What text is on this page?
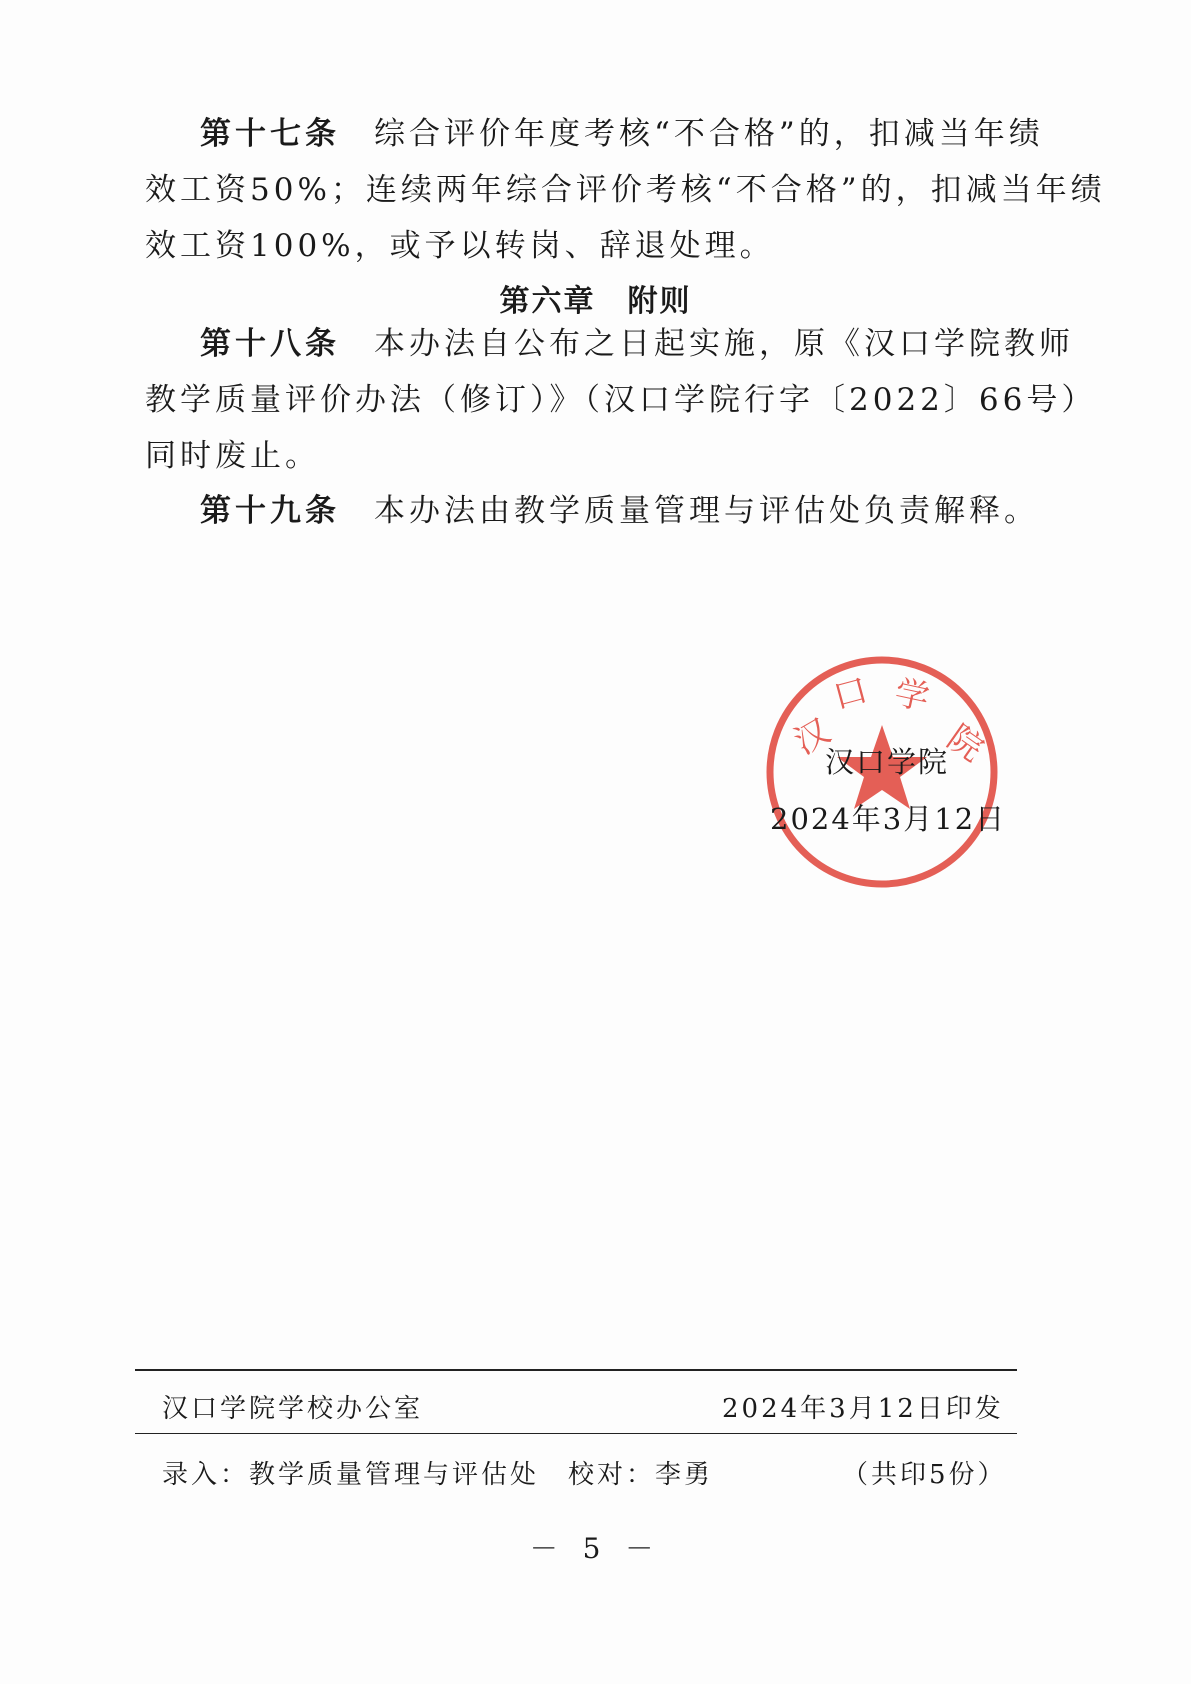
第十七条 综合评价年度考核“不合格”的，扣减当年绩
效工资50%；连续两年综合评价考核“不合格”的，扣减当年绩
效工资100%，或予以转岗、辞退处理。
第六章　附则
第十八条 本办法自公布之日起实施，原《汉口学院教师
教学质量评价办法（修订）》（汉口学院行字〔2022〕66号）
同时废止。
第十九条 本办法由教学质量管理与评估处负责解释。
汉
口 学
院
汉口学院
2024年3月12日
汉口学院学校办公室	2024年3月12日印发
录入：教学质量管理与评估处　校对：李勇	（共印5份）
－ 5 －
